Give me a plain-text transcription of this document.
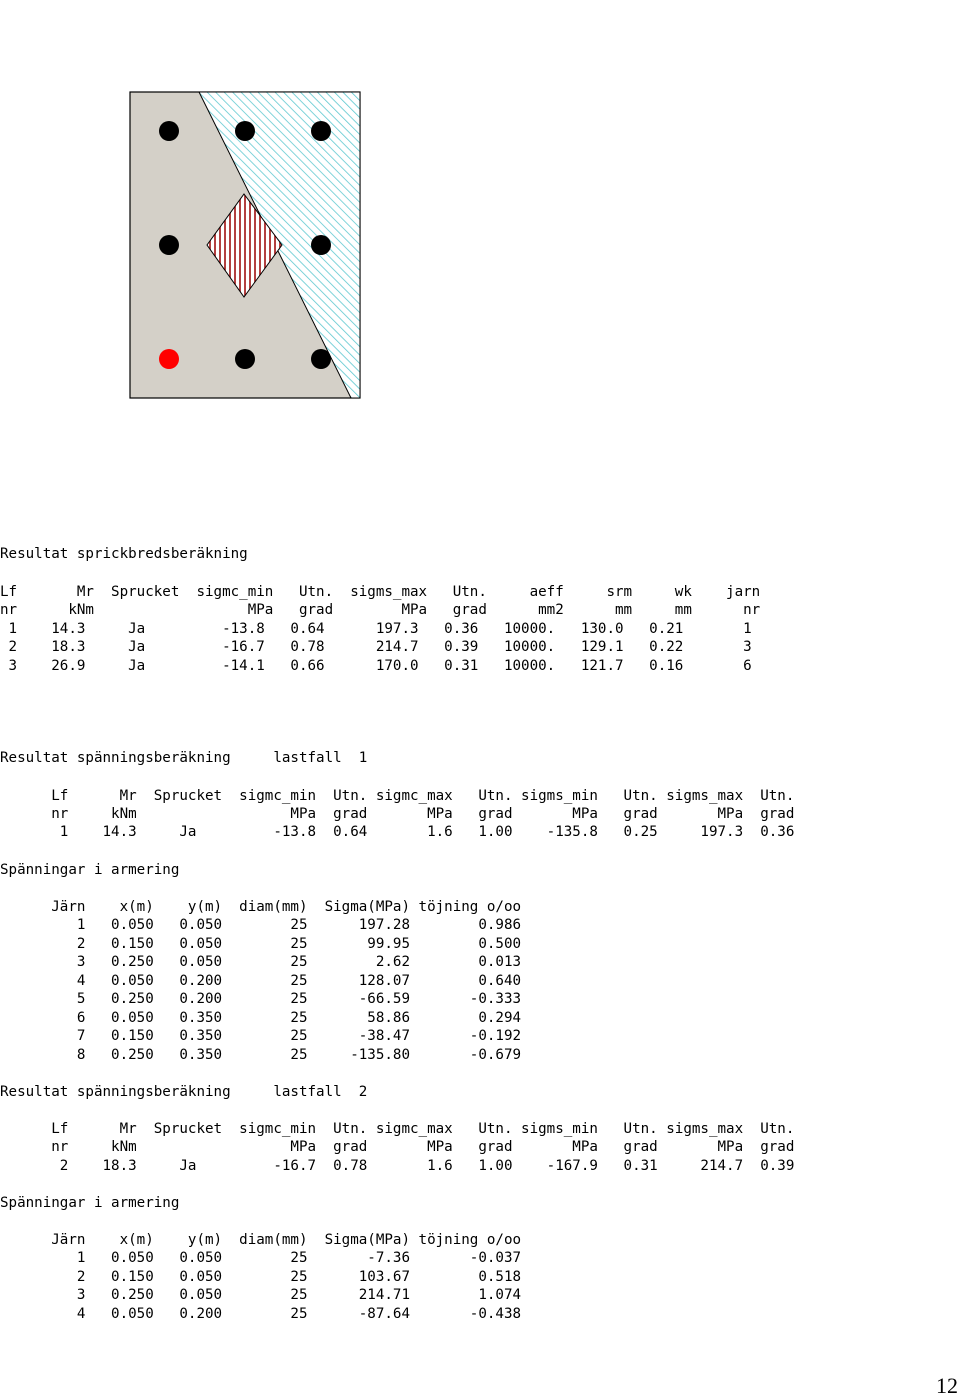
Resultat sprickbredsberäkning
Lf       Mr  Sprucket  sigmc_min   Utn.  sigms_max   Utn.     aeff     srm     wk    jarn
nr      kNm                  MPa   grad        MPa   grad      mm2      mm     mm      nr
1    14.3     Ja         -13.8   0.64      197.3   0.36   10000.   130.0   0.21       1
2    18.3     Ja         -16.7   0.78      214.7   0.39   10000.   129.1   0.22       3
3    26.9     Ja         -14.1   0.66      170.0   0.31   10000.   121.7   0.16       6
Resultat spänningsberäkning     lastfall  1
Lf      Mr  Sprucket  sigmc_min  Utn. sigmc_max   Utn. sigms_min   Utn. sigms_max  Utn.
nr     kNm                  MPa  grad       MPa   grad       MPa   grad       MPa  grad
1    14.3     Ja         -13.8  0.64       1.6   1.00    -135.8   0.25     197.3  0.36
Spänningar i armering
Järn    x(m)    y(m)  diam(mm)  Sigma(MPa) töjning o/oo
1   0.050   0.050        25      197.28        0.986
2   0.150   0.050        25       99.95        0.500
3   0.250   0.050        25        2.62        0.013
4   0.050   0.200        25      128.07        0.640
5   0.250   0.200        25      -66.59       -0.333
6   0.050   0.350        25       58.86        0.294
7   0.150   0.350        25      -38.47       -0.192
8   0.250   0.350        25     -135.80       -0.679
Resultat spänningsberäkning     lastfall  2
Lf      Mr  Sprucket  sigmc_min  Utn. sigmc_max   Utn. sigms_min   Utn. sigms_max  Utn.
nr     kNm                  MPa  grad       MPa   grad       MPa   grad       MPa  grad
2    18.3     Ja         -16.7  0.78       1.6   1.00    -167.9   0.31     214.7  0.39
Spänningar i armering
Järn    x(m)    y(m)  diam(mm)  Sigma(MPa) töjning o/oo
1   0.050   0.050        25       -7.36       -0.037
2   0.150   0.050        25      103.67        0.518
3   0.250   0.050        25      214.71        1.074
4   0.050   0.200        25      -87.64       -0.438
12
